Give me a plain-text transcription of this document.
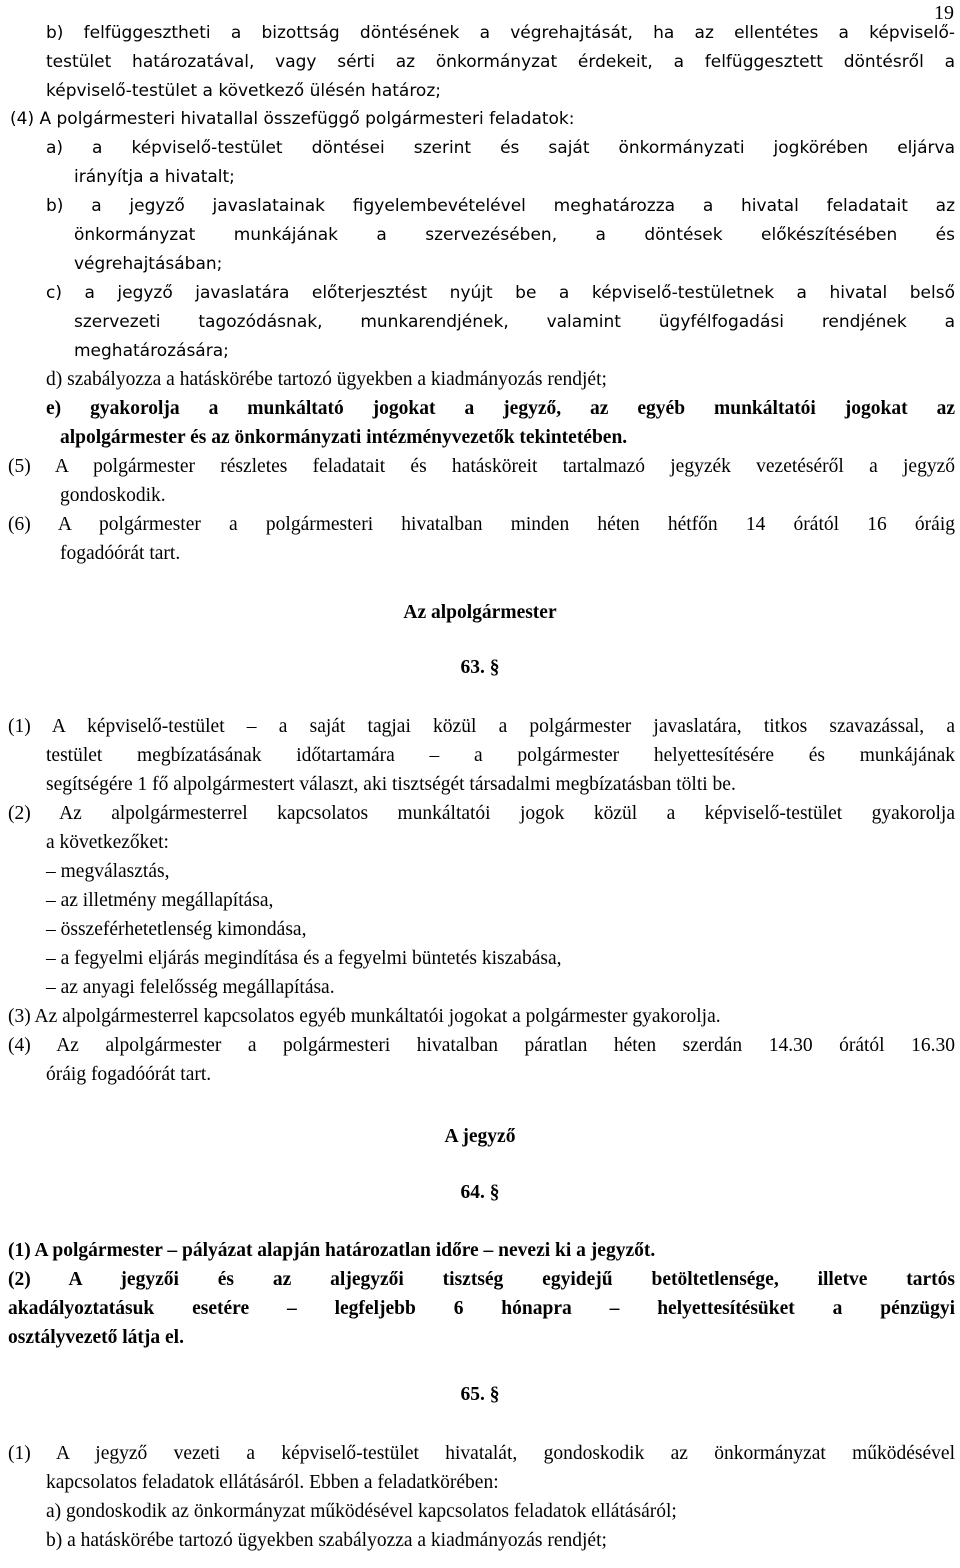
19
b) felfüggesztheti a bizottság döntésének a végrehajtását, ha az ellentétes a képviselő-
testület határozatával, vagy sérti az önkormányzat érdekeit, a felfüggesztett döntésről a
képviselő-testület a következő ülésén határoz;
(4) A polgármesteri hivatallal összefüggő polgármesteri feladatok:
a) a képviselő-testület döntései szerint és saját önkormányzati jogkörében eljárva
irányítja a hivatalt;
b) a jegyző javaslatainak figyelembevételével meghatározza a hivatal feladatait az
önkormányzat munkájának a szervezésében, a döntések előkészítésében és
végrehajtásában;
c) a jegyző javaslatára előterjesztést nyújt be a képviselő-testületnek a hivatal belső
szervezeti tagozódásnak, munkarendjének, valamint ügyfélfogadási rendjének a
meghatározására;
d) szabályozza a hatáskörébe tartozó ügyekben a kiadmányozás rendjét;
e) gyakorolja a munkáltató jogokat a jegyző, az egyéb munkáltatói jogokat az
alpolgármester és az önkormányzati intézményvezetők tekintetében.
(5) A polgármester részletes feladatait és hatásköreit tartalmazó jegyzék vezetéséről a jegyző
gondoskodik.
(6) A polgármester a polgármesteri hivatalban minden héten hétfőn 14 órától 16 óráig
fogadóórát tart.
Az alpolgármester
63. §
(1) A képviselő-testület – a saját tagjai közül a polgármester javaslatára, titkos szavazással, a
testület megbízatásának időtartamára – a polgármester helyettesítésére és munkájának
segítségére 1 fő alpolgármestert választ, aki tisztségét társadalmi megbízatásban tölti be.
(2) Az alpolgármesterrel kapcsolatos munkáltatói jogok közül a képviselő-testület gyakorolja
a következőket:
– megválasztás,
– az illetmény megállapítása,
– összeférhetetlenség kimondása,
– a fegyelmi eljárás megindítása és a fegyelmi büntetés kiszabása,
– az anyagi felelősség megállapítása.
(3) Az alpolgármesterrel kapcsolatos egyéb munkáltatói jogokat a polgármester gyakorolja.
(4) Az alpolgármester a polgármesteri hivatalban páratlan héten szerdán 14.30 órától 16.30
óráig fogadóórát tart.
A jegyző
64. §
(1) A polgármester – pályázat alapján határozatlan időre – nevezi ki a jegyzőt.
(2) A jegyzői és az aljegyzői tisztség egyidejű betöltetlensége, illetve tartós
akadályoztatásuk esetére – legfeljebb 6 hónapra – helyettesítésüket a pénzügyi
osztályvezető látja el.
65. §
(1) A jegyző vezeti a képviselő-testület hivatalát, gondoskodik az önkormányzat működésével
kapcsolatos feladatok ellátásáról. Ebben a feladatkörében:
a) gondoskodik az önkormányzat működésével kapcsolatos feladatok ellátásáról;
b) a hatáskörébe tartozó ügyekben szabályozza a kiadmányozás rendjét;
